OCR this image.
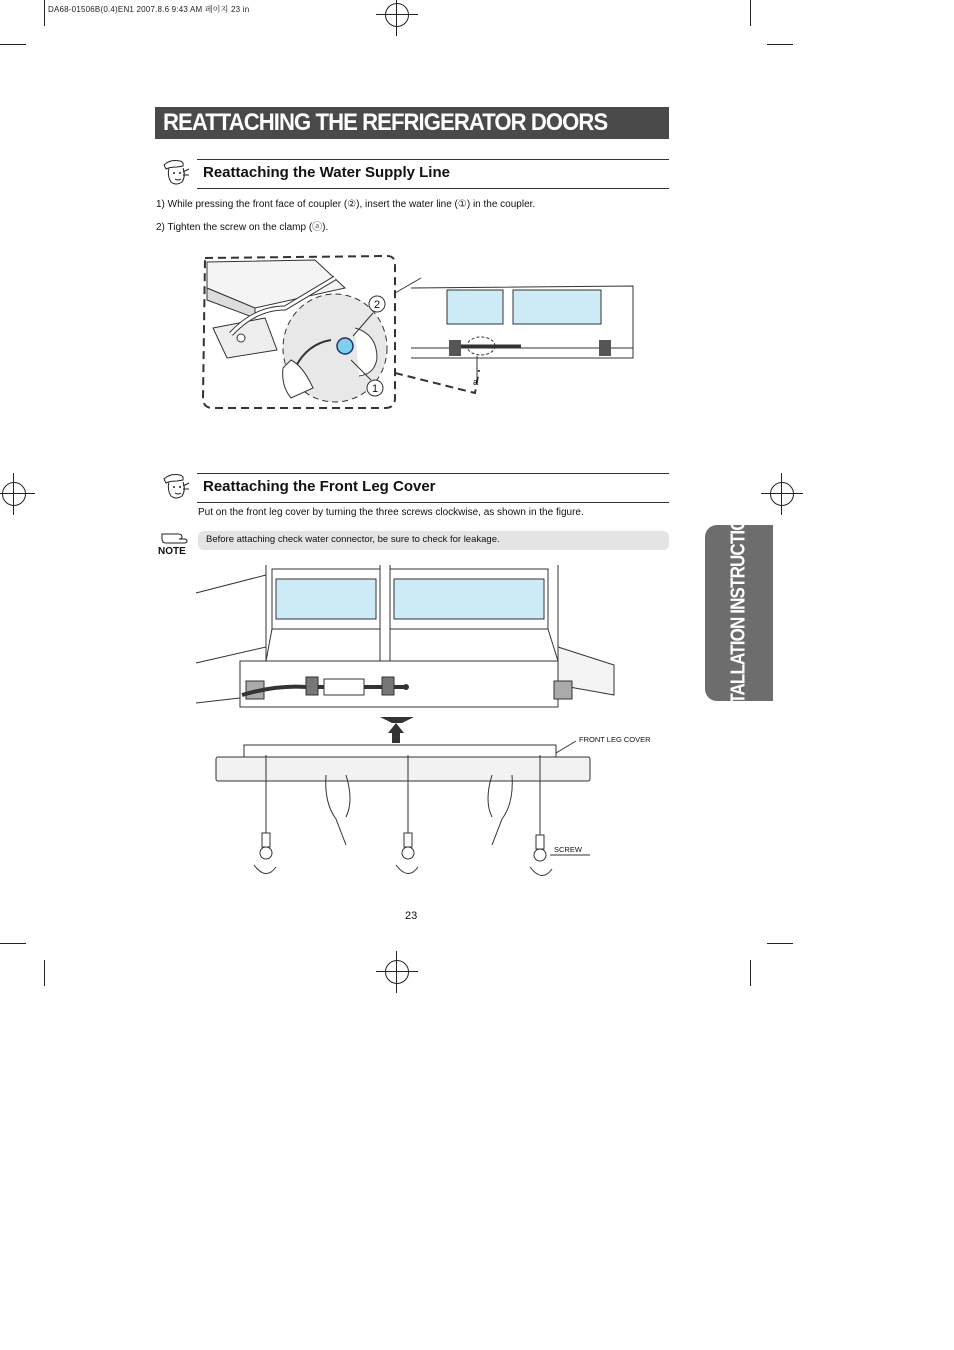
DA68-01506B(0.4)EN1 2007.8.6 9:43 AM 페이지 23 in
REATTACHING THE REFRIGERATOR DOORS
INSTALLATION INSTRUCTIONS
Reattaching the Water Supply Line
1) While pressing the front face of coupler (②), insert the water line (①) in the coupler.
2) Tighten the screw on the clamp (ⓐ).
2
1
a
Reattaching the Front Leg Cover
Put on the front leg cover by turning the three screws clockwise, as shown in the figure.
NOTE
Before attaching check water connector, be sure to check for leakage.
FRONT LEG COVER
SCREW
23
